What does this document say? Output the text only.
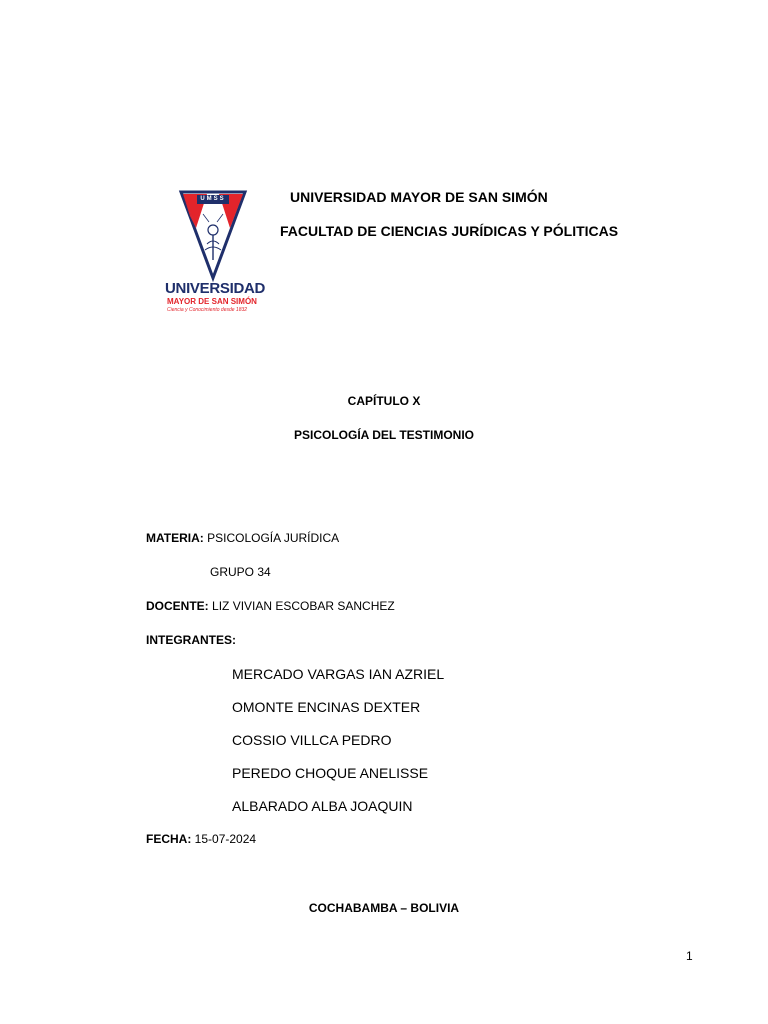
UMSS
UNIVERSIDAD
MAYOR DE SAN SIMÓN
Ciencia y Conocimiento desde 1832
UNIVERSIDAD MAYOR DE SAN SIMÓN
FACULTAD DE CIENCIAS JURÍDICAS Y PÓLITICAS
CAPÍTULO X
PSICOLOGÍA DEL TESTIMONIO
MATERIA: PSICOLOGÍA JURÍDICA
GRUPO 34
DOCENTE: LIZ VIVIAN ESCOBAR SANCHEZ
INTEGRANTES:
MERCADO VARGAS IAN AZRIEL
OMONTE ENCINAS DEXTER
COSSIO VILLCA PEDRO
PEREDO CHOQUE ANELISSE
ALBARADO ALBA JOAQUIN
FECHA: 15-07-2024
COCHABAMBA – BOLIVIA
1
